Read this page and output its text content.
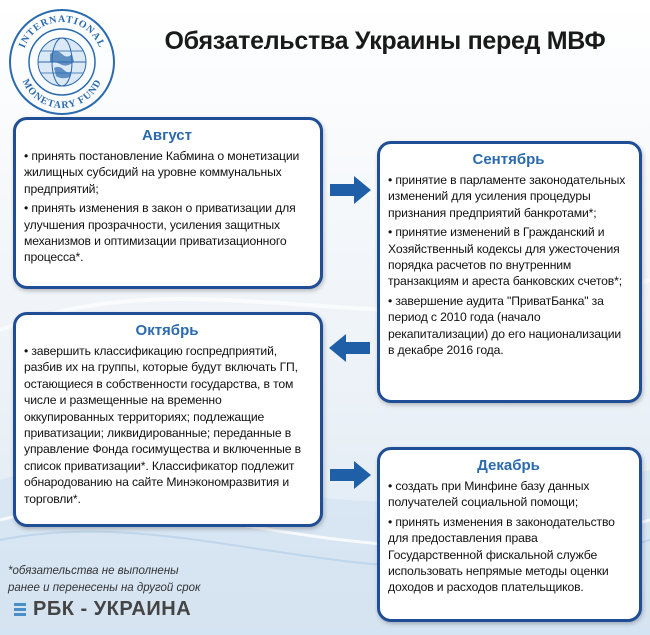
INTERNATIONAL
MONETARY FUND
Обязательства Украины перед МВФ
Август
• принять постановление Кабмина о монетизации жилищных субсидий на уровне коммунальных предприятий;
• принять изменения в закон о приватизации для улучшения прозрачности, усиления защитных механизмов и оптимизации приватизационного процесса*.
Сентябрь
• принятие в парламенте законодательных изменений для усиления процедуры признания предприятий банкротами*;
• принятие изменений в Гражданский и Хозяйственный кодексы для ужесточения порядка расчетов по внутренним транзакциям и ареста банковских счетов*;
• завершение аудита "ПриватБанка" за период с 2010 года (начало рекапитализации) до его национализации в декабре 2016 года.
Октябрь
• завершить классификацию госпредприятий, разбив их на группы, которые будут включать ГП, остающиеся в собственности государства, в том числе и размещенные на временно оккупированных территориях; подлежащие приватизации; ликвидированные; переданные в управление Фонда госимущества и включенные в список приватизации*. Классификатор подлежит обнародованию на сайте Минэкономразвития и торговли*.
Декабрь
• создать при Минфине базу данных получателей социальной помощи;
• принять изменения в законодательство для предоставления права Государственной фискальной службе использовать непрямые методы оценки доходов и расходов плательщиков.
*обязательства не выполнены ранее и перенесены на другой срок
РБК - УКРАИНА
